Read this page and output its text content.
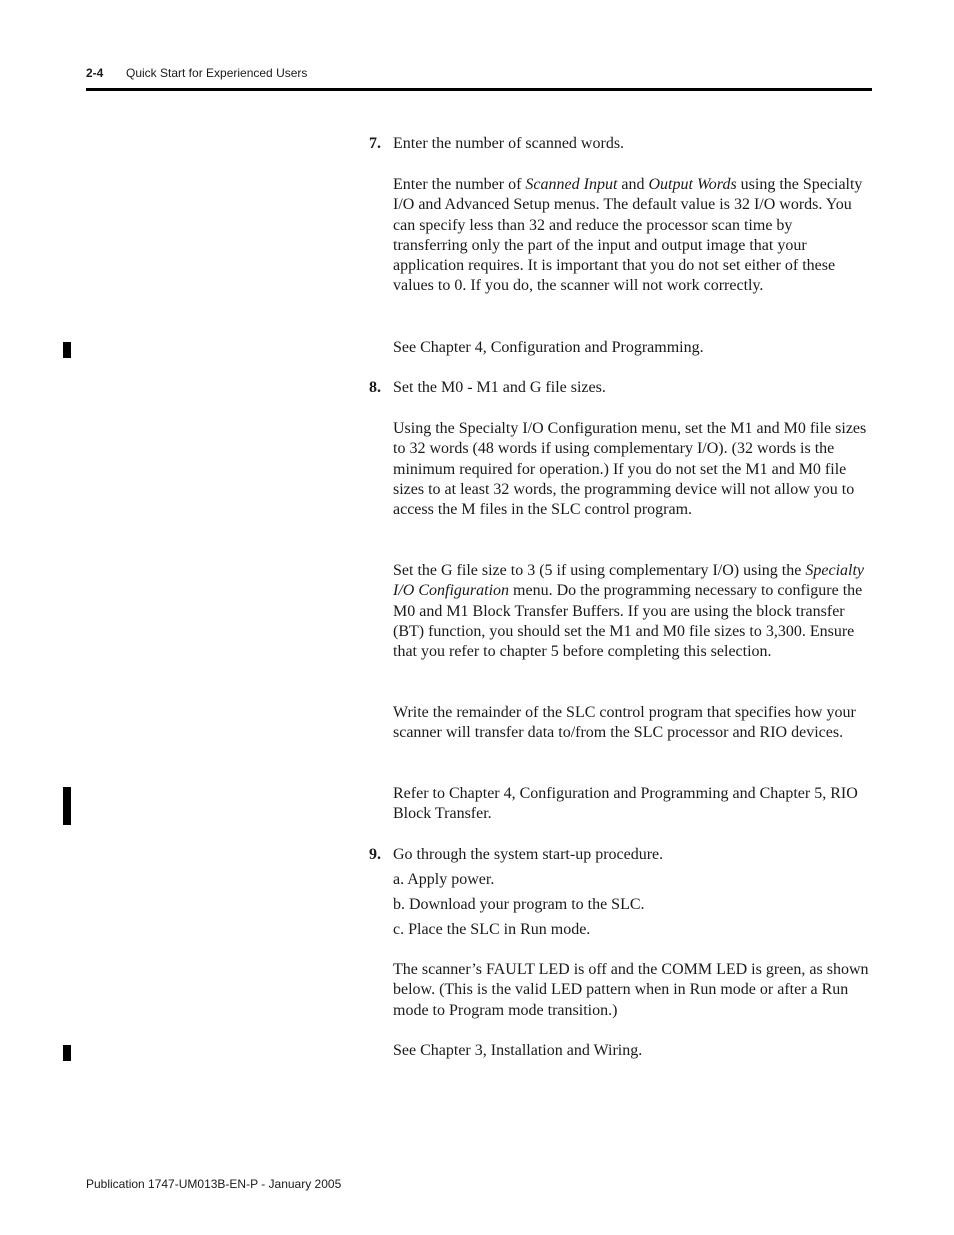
2-4 Quick Start for Experienced Users
7. Enter the number of scanned words.

Enter the number of Scanned Input and Output Words using the Specialty I/O and Advanced Setup menus. The default value is 32 I/O words. You can specify less than 32 and reduce the processor scan time by transferring only the part of the input and output image that your application requires. It is important that you do not set either of these values to 0. If you do, the scanner will not work correctly.

See Chapter 4, Configuration and Programming.

8. Set the M0 - M1 and G file sizes.

Using the Specialty I/O Configuration menu, set the M1 and M0 file sizes to 32 words (48 words if using complementary I/O). (32 words is the minimum required for operation.) If you do not set the M1 and M0 file sizes to at least 32 words, the programming device will not allow you to access the M files in the SLC control program.

Set the G file size to 3 (5 if using complementary I/O) using the Specialty I/O Configuration menu. Do the programming necessary to configure the M0 and M1 Block Transfer Buffers. If you are using the block transfer (BT) function, you should set the M1 and M0 file sizes to 3,300. Ensure that you refer to chapter 5 before completing this selection.

Write the remainder of the SLC control program that specifies how your scanner will transfer data to/from the SLC processor and RIO devices.

Refer to Chapter 4, Configuration and Programming and Chapter 5, RIO Block Transfer.

9. Go through the system start-up procedure.

a. Apply power.

b. Download your program to the SLC.

c. Place the SLC in Run mode.

The scanner’s FAULT LED is off and the COMM LED is green, as shown below. (This is the valid LED pattern when in Run mode or after a Run mode to Program mode transition.)

See Chapter 3, Installation and Wiring.

Publication 1747-UM013B-EN-P - January 2005
